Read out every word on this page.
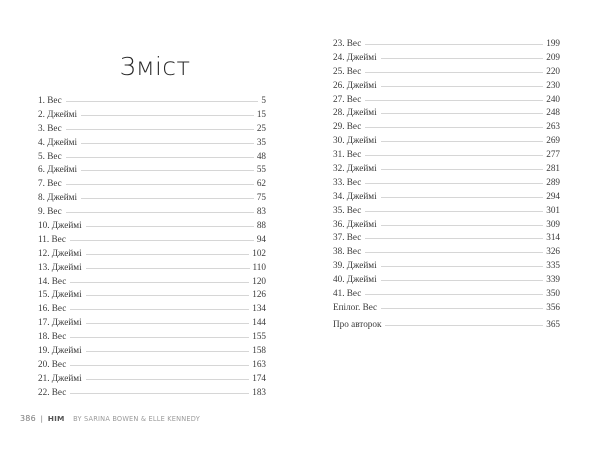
Зміст
1. Вес	5
2. Джеймі	15
3. Вес	25
4. Джеймі	35
5. Вес	48
6. Джеймі	55
7. Вес	62
8. Джеймі	75
9. Вес	83
10. Джеймі	88
11. Вес	94
12. Джеймі	102
13. Джеймі	110
14. Вес	120
15. Джеймі	126
16. Вес	134
17. Джеймі	144
18. Вес	155
19. Джеймі	158
20. Вес	163
21. Джеймі	174
22. Вес	183
386 | HIM BY SARINA BOWEN & ELLE KENNEDY
23. Вес	199
24. Джеймі	209
25. Вес	220
26. Джеймі	230
27. Вес	240
28. Джеймі	248
29. Вес	263
30. Джеймі	269
31. Вес	277
32. Джеймі	281
33. Вес	289
34. Джеймі	294
35. Вес	301
36. Джеймі	309
37. Вес	314
38. Вес	326
39. Джеймі	335
40. Джеймі	339
41. Вес	350
Епілог. Вес	356
Про авторок	365
